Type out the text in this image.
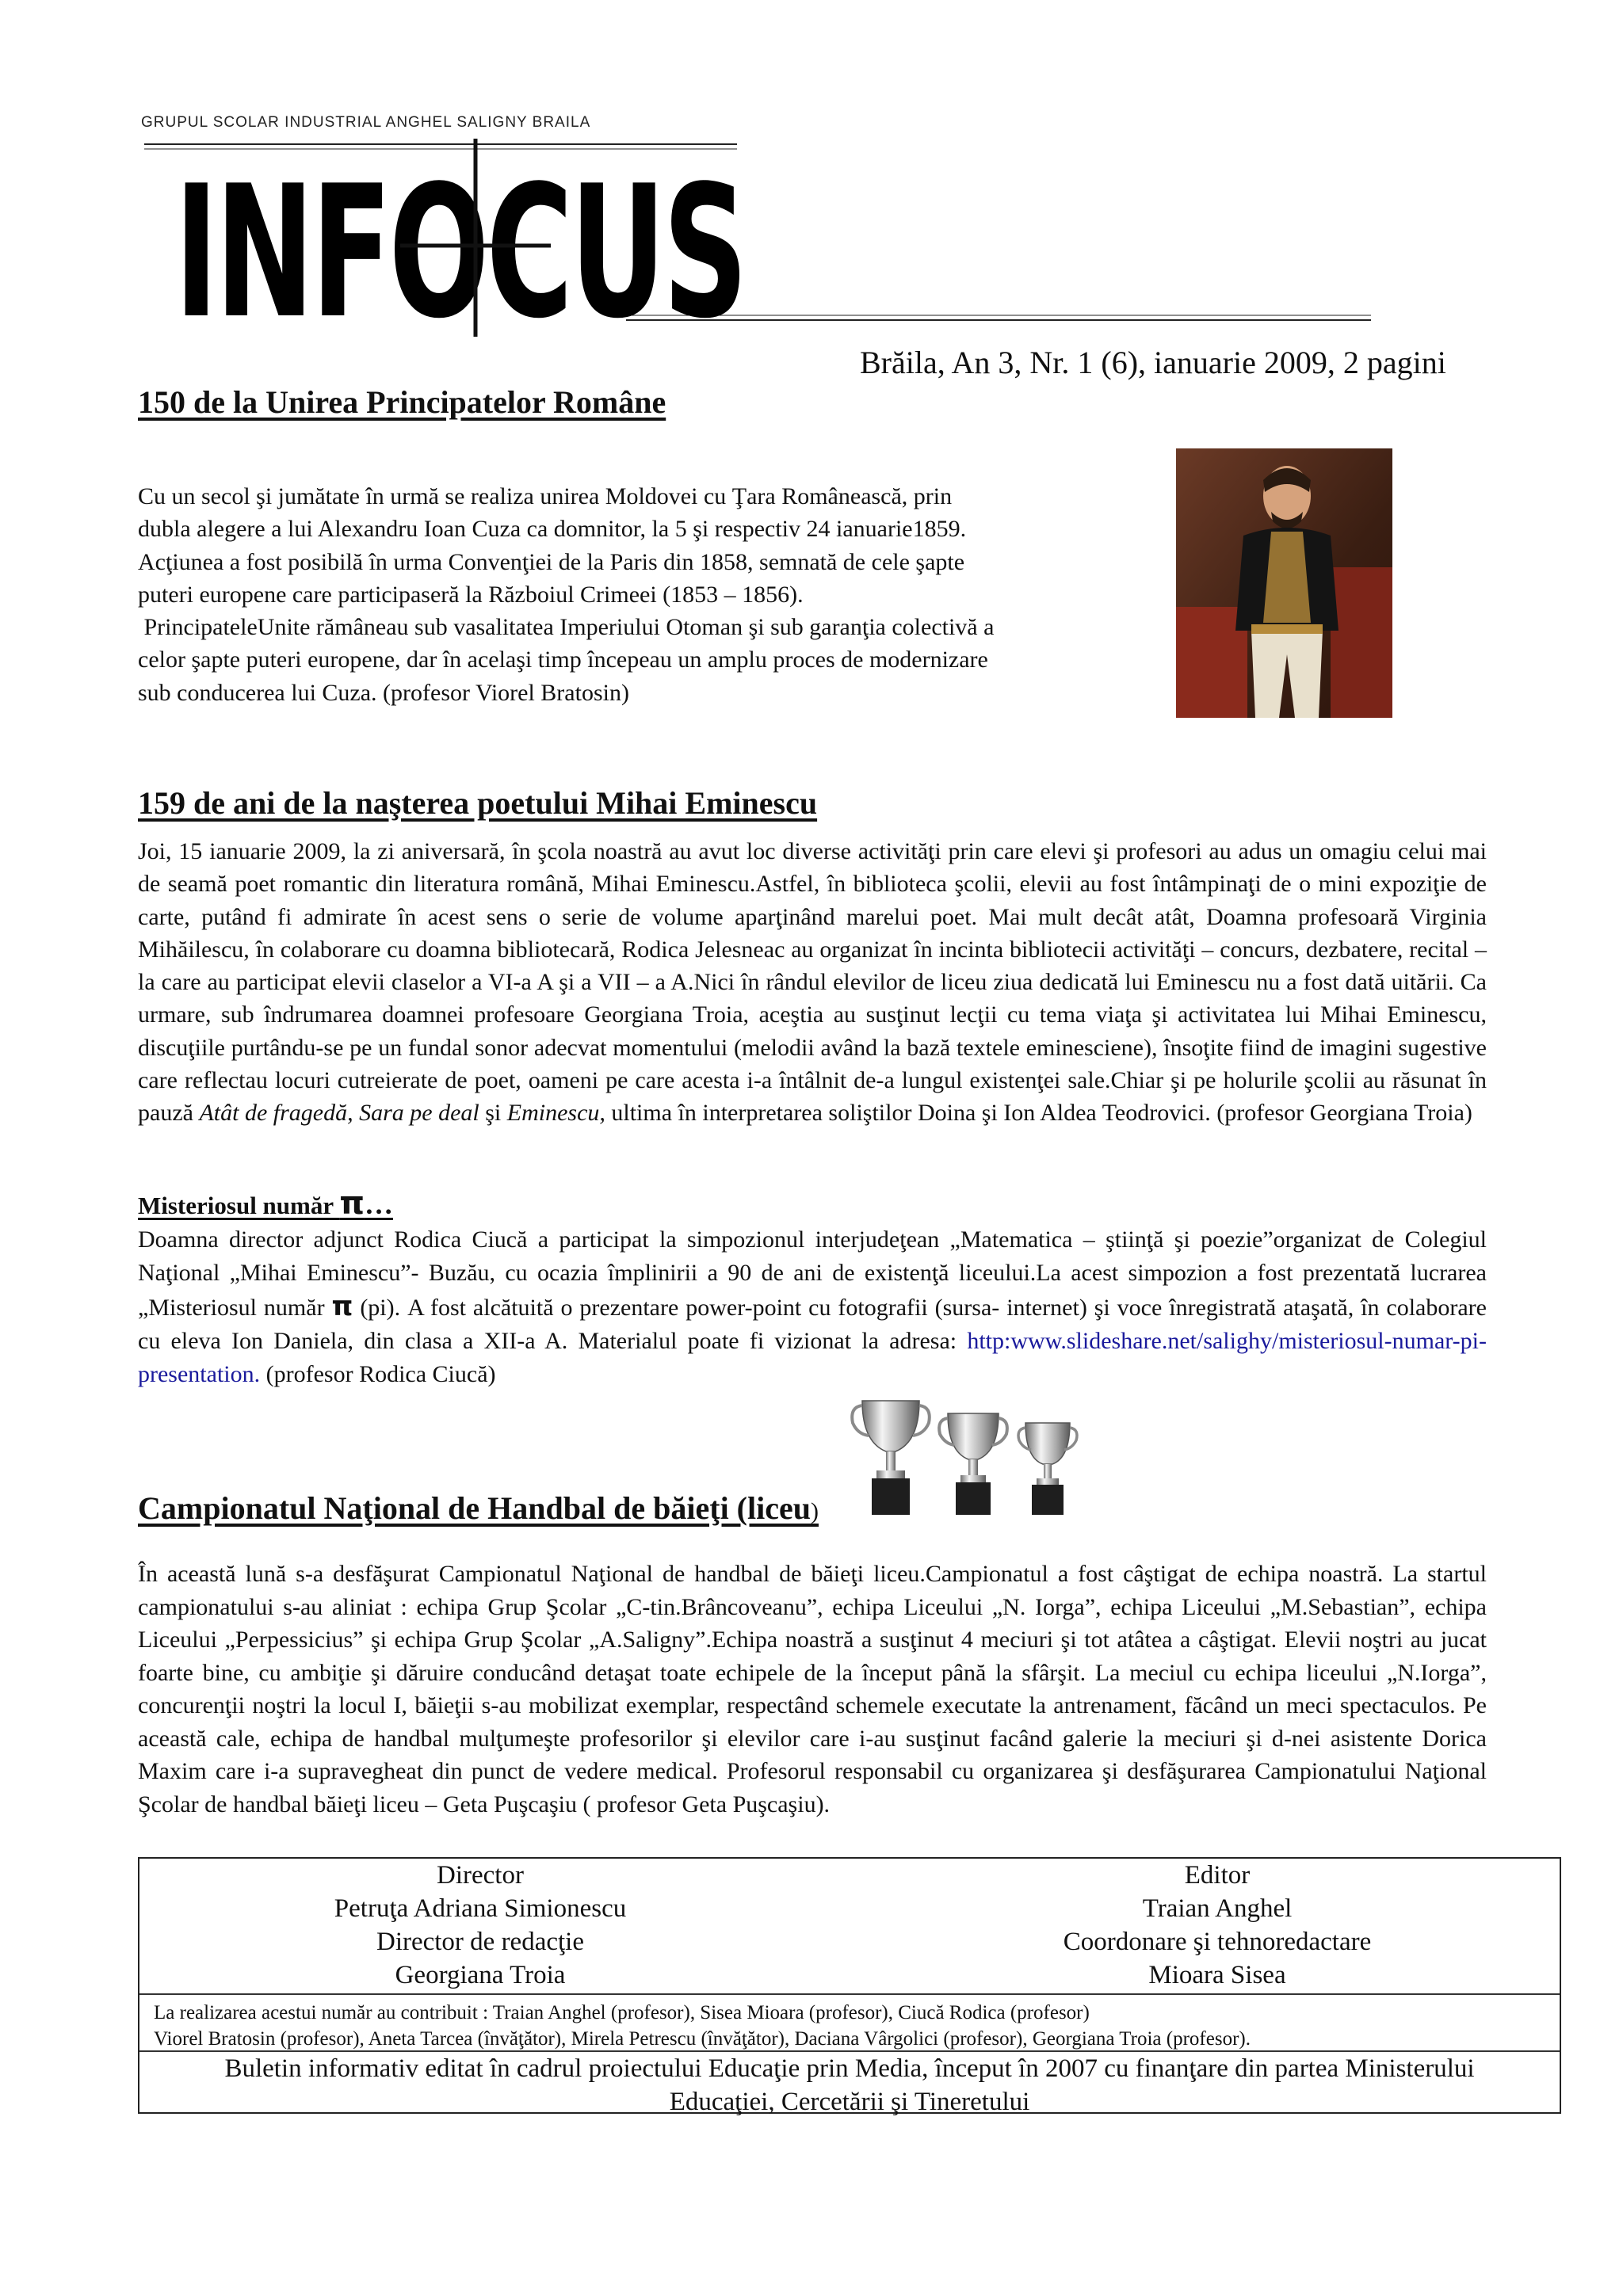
GRUPUL SCOLAR INDUSTRIAL ANGHEL SALIGNY BRAILA
INFOCUS
Brăila, An 3, Nr. 1 (6), ianuarie 2009, 2 pagini
150 de la Unirea Principatelor Române

Cu un secol şi jumătate în urmă se realiza unirea Moldovei cu Ţara Românească, prin

dubla alegere a lui Alexandru Ioan Cuza ca domnitor, la 5 şi respectiv 24 ianuarie1859.

Acţiunea a fost posibilă în urma Convenţiei de la Paris din 1858, semnată de cele şapte

puteri europene care participaseră la Războiul Crimeei (1853 – 1856).

PrincipateleUnite rămâneau sub vasalitatea Imperiului Otoman şi sub garanţia colectivă a

celor şapte puteri europene, dar în acelaşi timp începeau un amplu proces de modernizare

sub conducerea lui Cuza. (profesor Viorel Bratosin)

159 de ani de la naşterea poetului Mihai Eminescu

Joi, 15 ianuarie 2009, la zi aniversară, în şcola noastră au avut loc diverse activităţi prin care elevi şi profesori au adus un omagiu celui mai de seamă poet romantic din literatura română, Mihai Eminescu.Astfel, în biblioteca şcolii, elevii au fost întâmpinaţi de o mini expoziţie de carte, putând fi admirate în acest sens o serie de volume aparţinând marelui poet. Mai mult decât atât, Doamna profesoară Virginia Mihăilescu, în colaborare cu doamna bibliotecară, Rodica Jelesneac au organizat în incinta bibliotecii activităţi – concurs, dezbatere, recital – la care au participat elevii claselor a VI-a A şi a VII – a A.Nici în rândul elevilor de liceu ziua dedicată lui Eminescu nu a fost dată uitării. Ca urmare, sub îndrumarea doamnei profesoare Georgiana Troia, aceştia au susţinut lecţii cu tema viaţa şi activitatea lui Mihai Eminescu, discuţiile purtându-se pe un fundal sonor adecvat momentului (melodii având la bază textele eminesciene), însoţite fiind de imagini sugestive care reflectau locuri cutreierate de poet, oameni pe care acesta i-a întâlnit de-a lungul existenţei sale.Chiar şi pe holurile şcolii au răsunat în pauză Atât de fragedă, Sara pe deal şi Eminescu, ultima în interpretarea soliştilor Doina şi Ion Aldea Teodrovici. (profesor Georgiana Troia)

Misteriosul număr π…

Doamna director adjunct Rodica Ciucă a participat la simpozionul interjudeţean „Matematica – ştiinţă şi poezie”organizat de Colegiul Naţional „Mihai Eminescu”- Buzău, cu ocazia împlinirii a 90 de ani de existenţă liceului.La acest simpozion a fost prezentată lucrarea „Misteriosul număr π (pi). A fost alcătuită o prezentare power-point cu fotografii (sursa- internet) şi voce înregistrată ataşată, în colaborare cu eleva Ion Daniela, din clasa a XII-a A. Materialul poate fi vizionat la adresa: http:www.slideshare.net/salighy/misteriosul-numar-pi-presentation. (profesor Rodica Ciucă)

Campionatul Naţional de Handbal de băieţi (liceu)

În această lună s-a desfăşurat Campionatul Naţional de handbal de băieţi liceu.Campionatul a fost câştigat de echipa noastră. La startul campionatului s-au aliniat : echipa Grup Şcolar „C-tin.Brâncoveanu”, echipa Liceului „N. Iorga”, echipa Liceului „M.Sebastian”, echipa Liceului „Perpessicius” şi echipa Grup Şcolar „A.Saligny”.Echipa noastră a susţinut 4 meciuri şi tot atâtea a câştigat. Elevii noştri au jucat foarte bine, cu ambiţie şi dăruire conducând detaşat toate echipele de la început până la sfârşit. La meciul cu echipa liceului „N.Iorga”, concurenţii noştri la locul I, băieţii s-au mobilizat exemplar, respectând schemele executate la antrenament, făcând un meci spectaculos. Pe această cale, echipa de handbal mulţumeşte profesorilor şi elevilor care i-au susţinut facând galerie la meciuri şi d-nei asistente Dorica Maxim care i-a supravegheat din punct de vedere medical. Profesorul responsabil cu organizarea şi desfăşurarea Campionatului Naţional Şcolar de handbal băieţi liceu – Geta Puşcaşiu ( profesor Geta Puşcaşiu).

Director
Petruţa Adriana Simionescu
Director de redacţie
Georgiana Troia
Editor
Traian Anghel
Coordonare şi tehnoredactare
Mioara Sisea
La realizarea acestui număr au contribuit : Traian Anghel (profesor), Sisea Mioara (profesor), Ciucă Rodica (profesor)
Viorel Bratosin (profesor), Aneta Tarcea (învăţător), Mirela Petrescu (învăţător), Daciana Vârgolici (profesor), Georgiana Troia (profesor).
Buletin informativ editat în cadrul proiectului Educaţie prin Media, început în 2007 cu finanţare din partea Ministerului
Educaţiei, Cercetării şi Tineretului
